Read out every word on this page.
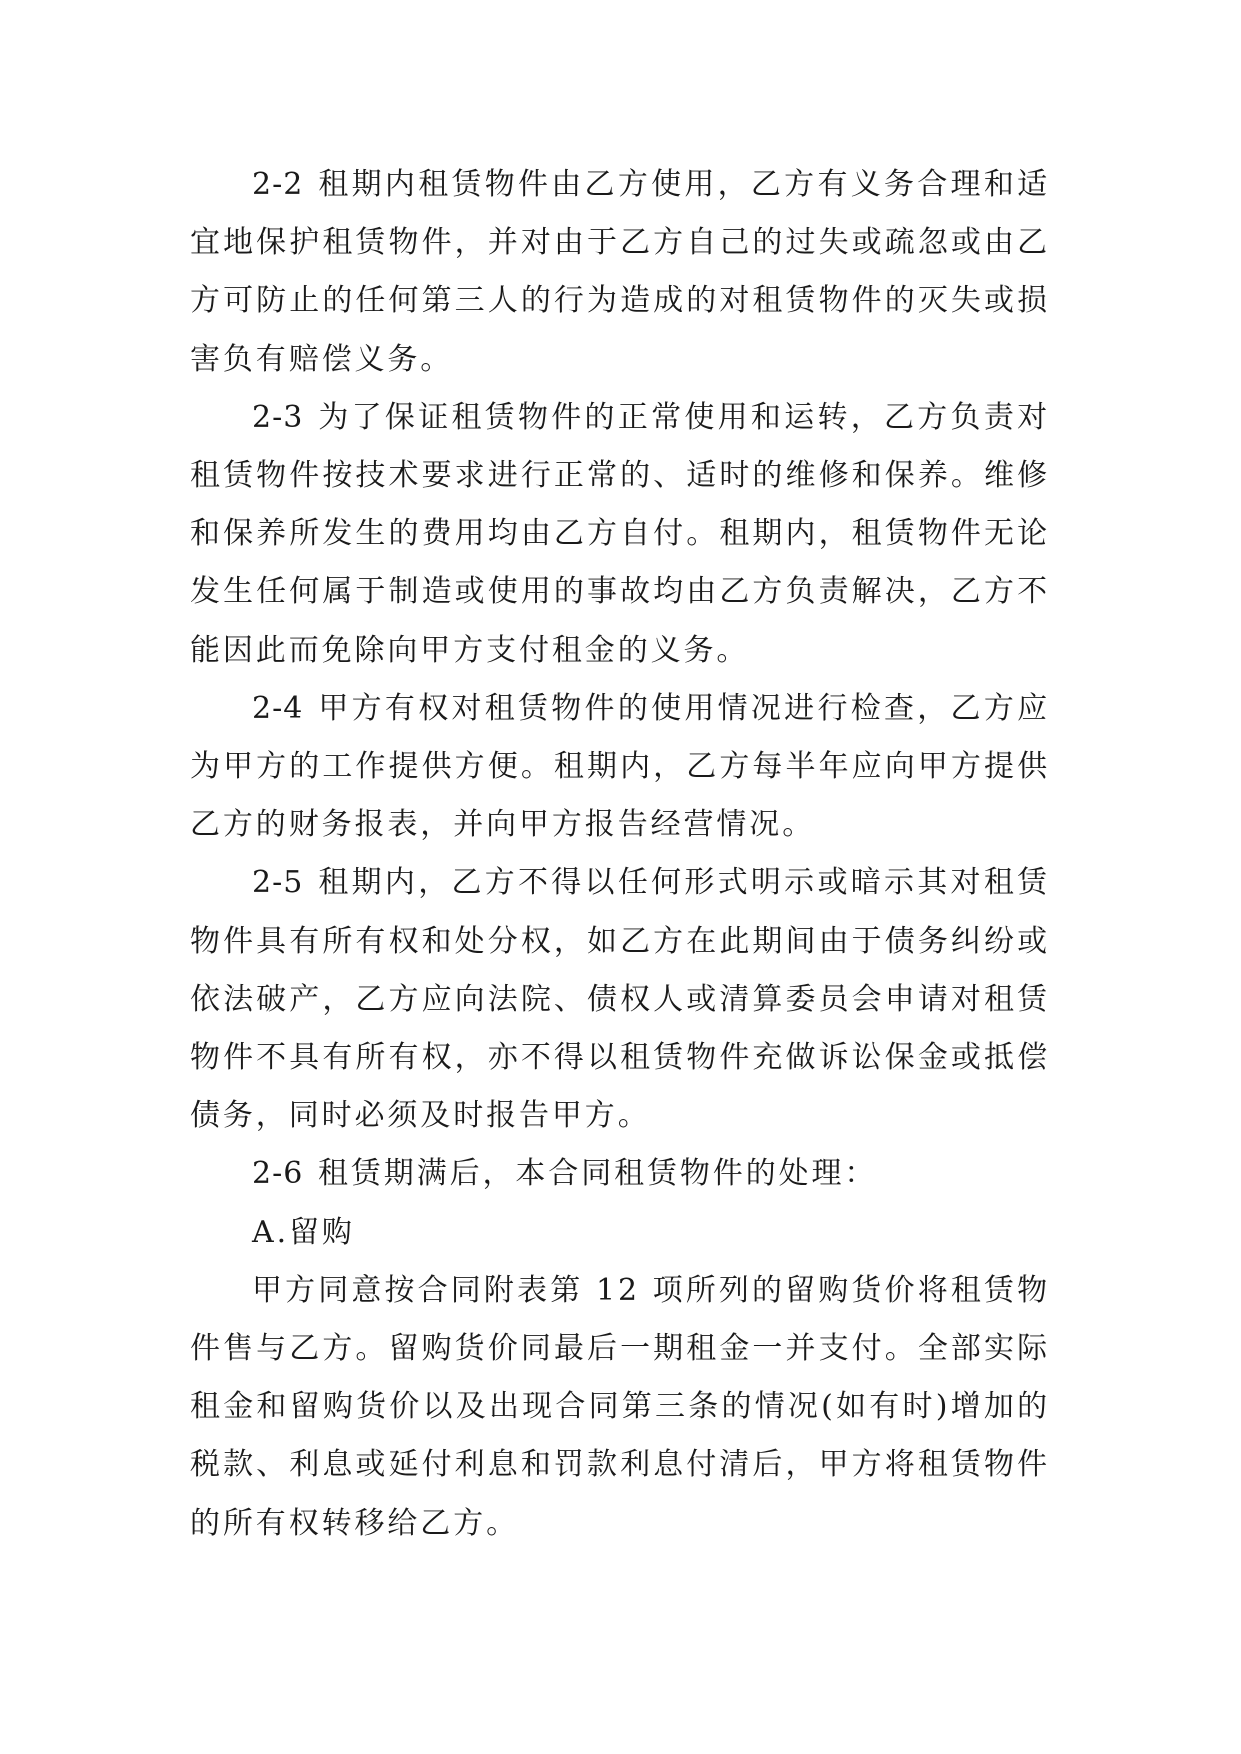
2-2 租期内租赁物件由乙方使用，乙方有义务合理和适宜地保护租赁物件，并对由于乙方自己的过失或疏忽或由乙方可防止的任何第三人的行为造成的对租赁物件的灭失或损害负有赔偿义务。

2-3 为了保证租赁物件的正常使用和运转，乙方负责对租赁物件按技术要求进行正常的、适时的维修和保养。维修和保养所发生的费用均由乙方自付。租期内，租赁物件无论发生任何属于制造或使用的事故均由乙方负责解决，乙方不能因此而免除向甲方支付租金的义务。

2-4 甲方有权对租赁物件的使用情况进行检查，乙方应为甲方的工作提供方便。租期内，乙方每半年应向甲方提供乙方的财务报表，并向甲方报告经营情况。

2-5 租期内，乙方不得以任何形式明示或暗示其对租赁物件具有所有权和处分权，如乙方在此期间由于债务纠纷或依法破产，乙方应向法院、债权人或清算委员会申请对租赁物件不具有所有权，亦不得以租赁物件充做诉讼保金或抵偿债务，同时必须及时报告甲方。

2-6 租赁期满后，本合同租赁物件的处理：

A.留购

甲方同意按合同附表第 12 项所列的留购货价将租赁物件售与乙方。留购货价同最后一期租金一并支付。全部实际租金和留购货价以及出现合同第三条的情况(如有时)增加的税款、利息或延付利息和罚款利息付清后，甲方将租赁物件的所有权转移给乙方。
